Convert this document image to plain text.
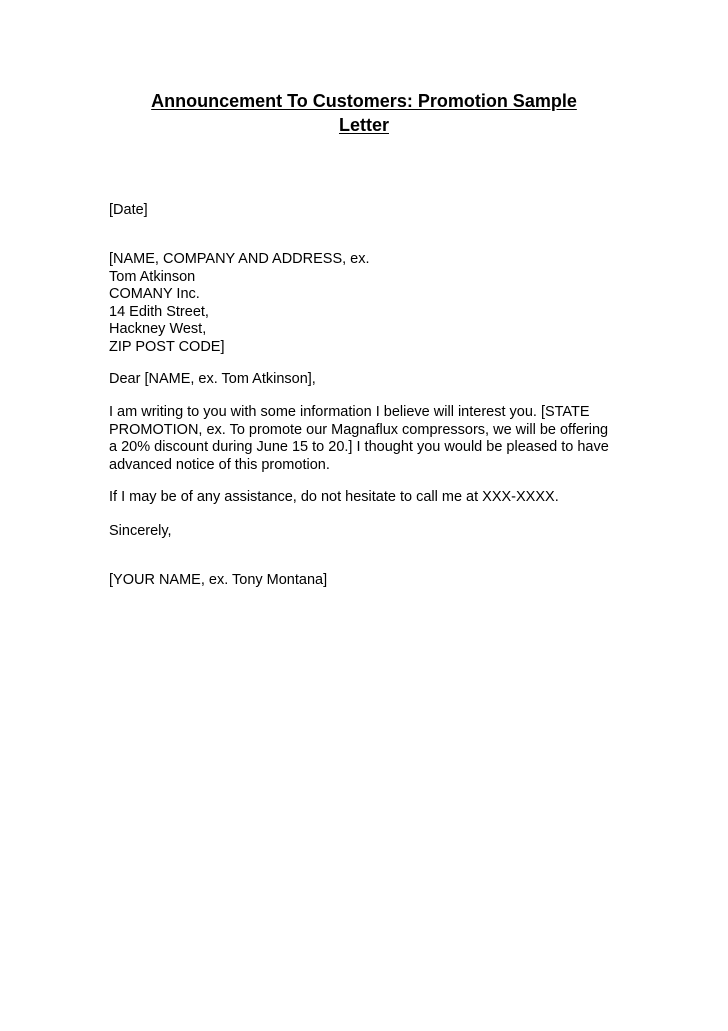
Announcement To Customers: Promotion Sample
Letter
[Date]
[NAME, COMPANY AND ADDRESS, ex.
Tom Atkinson
COMANY Inc.
14 Edith Street,
Hackney West,
ZIP POST CODE]
Dear [NAME, ex. Tom Atkinson],
I am writing to you with some information I believe will interest you. [STATE
PROMOTION, ex. To promote our Magnaflux compressors, we will be offering
a 20% discount during June 15 to 20.] I thought you would be pleased to have
advanced notice of this promotion.
If I may be of any assistance, do not hesitate to call me at XXX-XXXX.
Sincerely,
[YOUR NAME, ex. Tony Montana]
